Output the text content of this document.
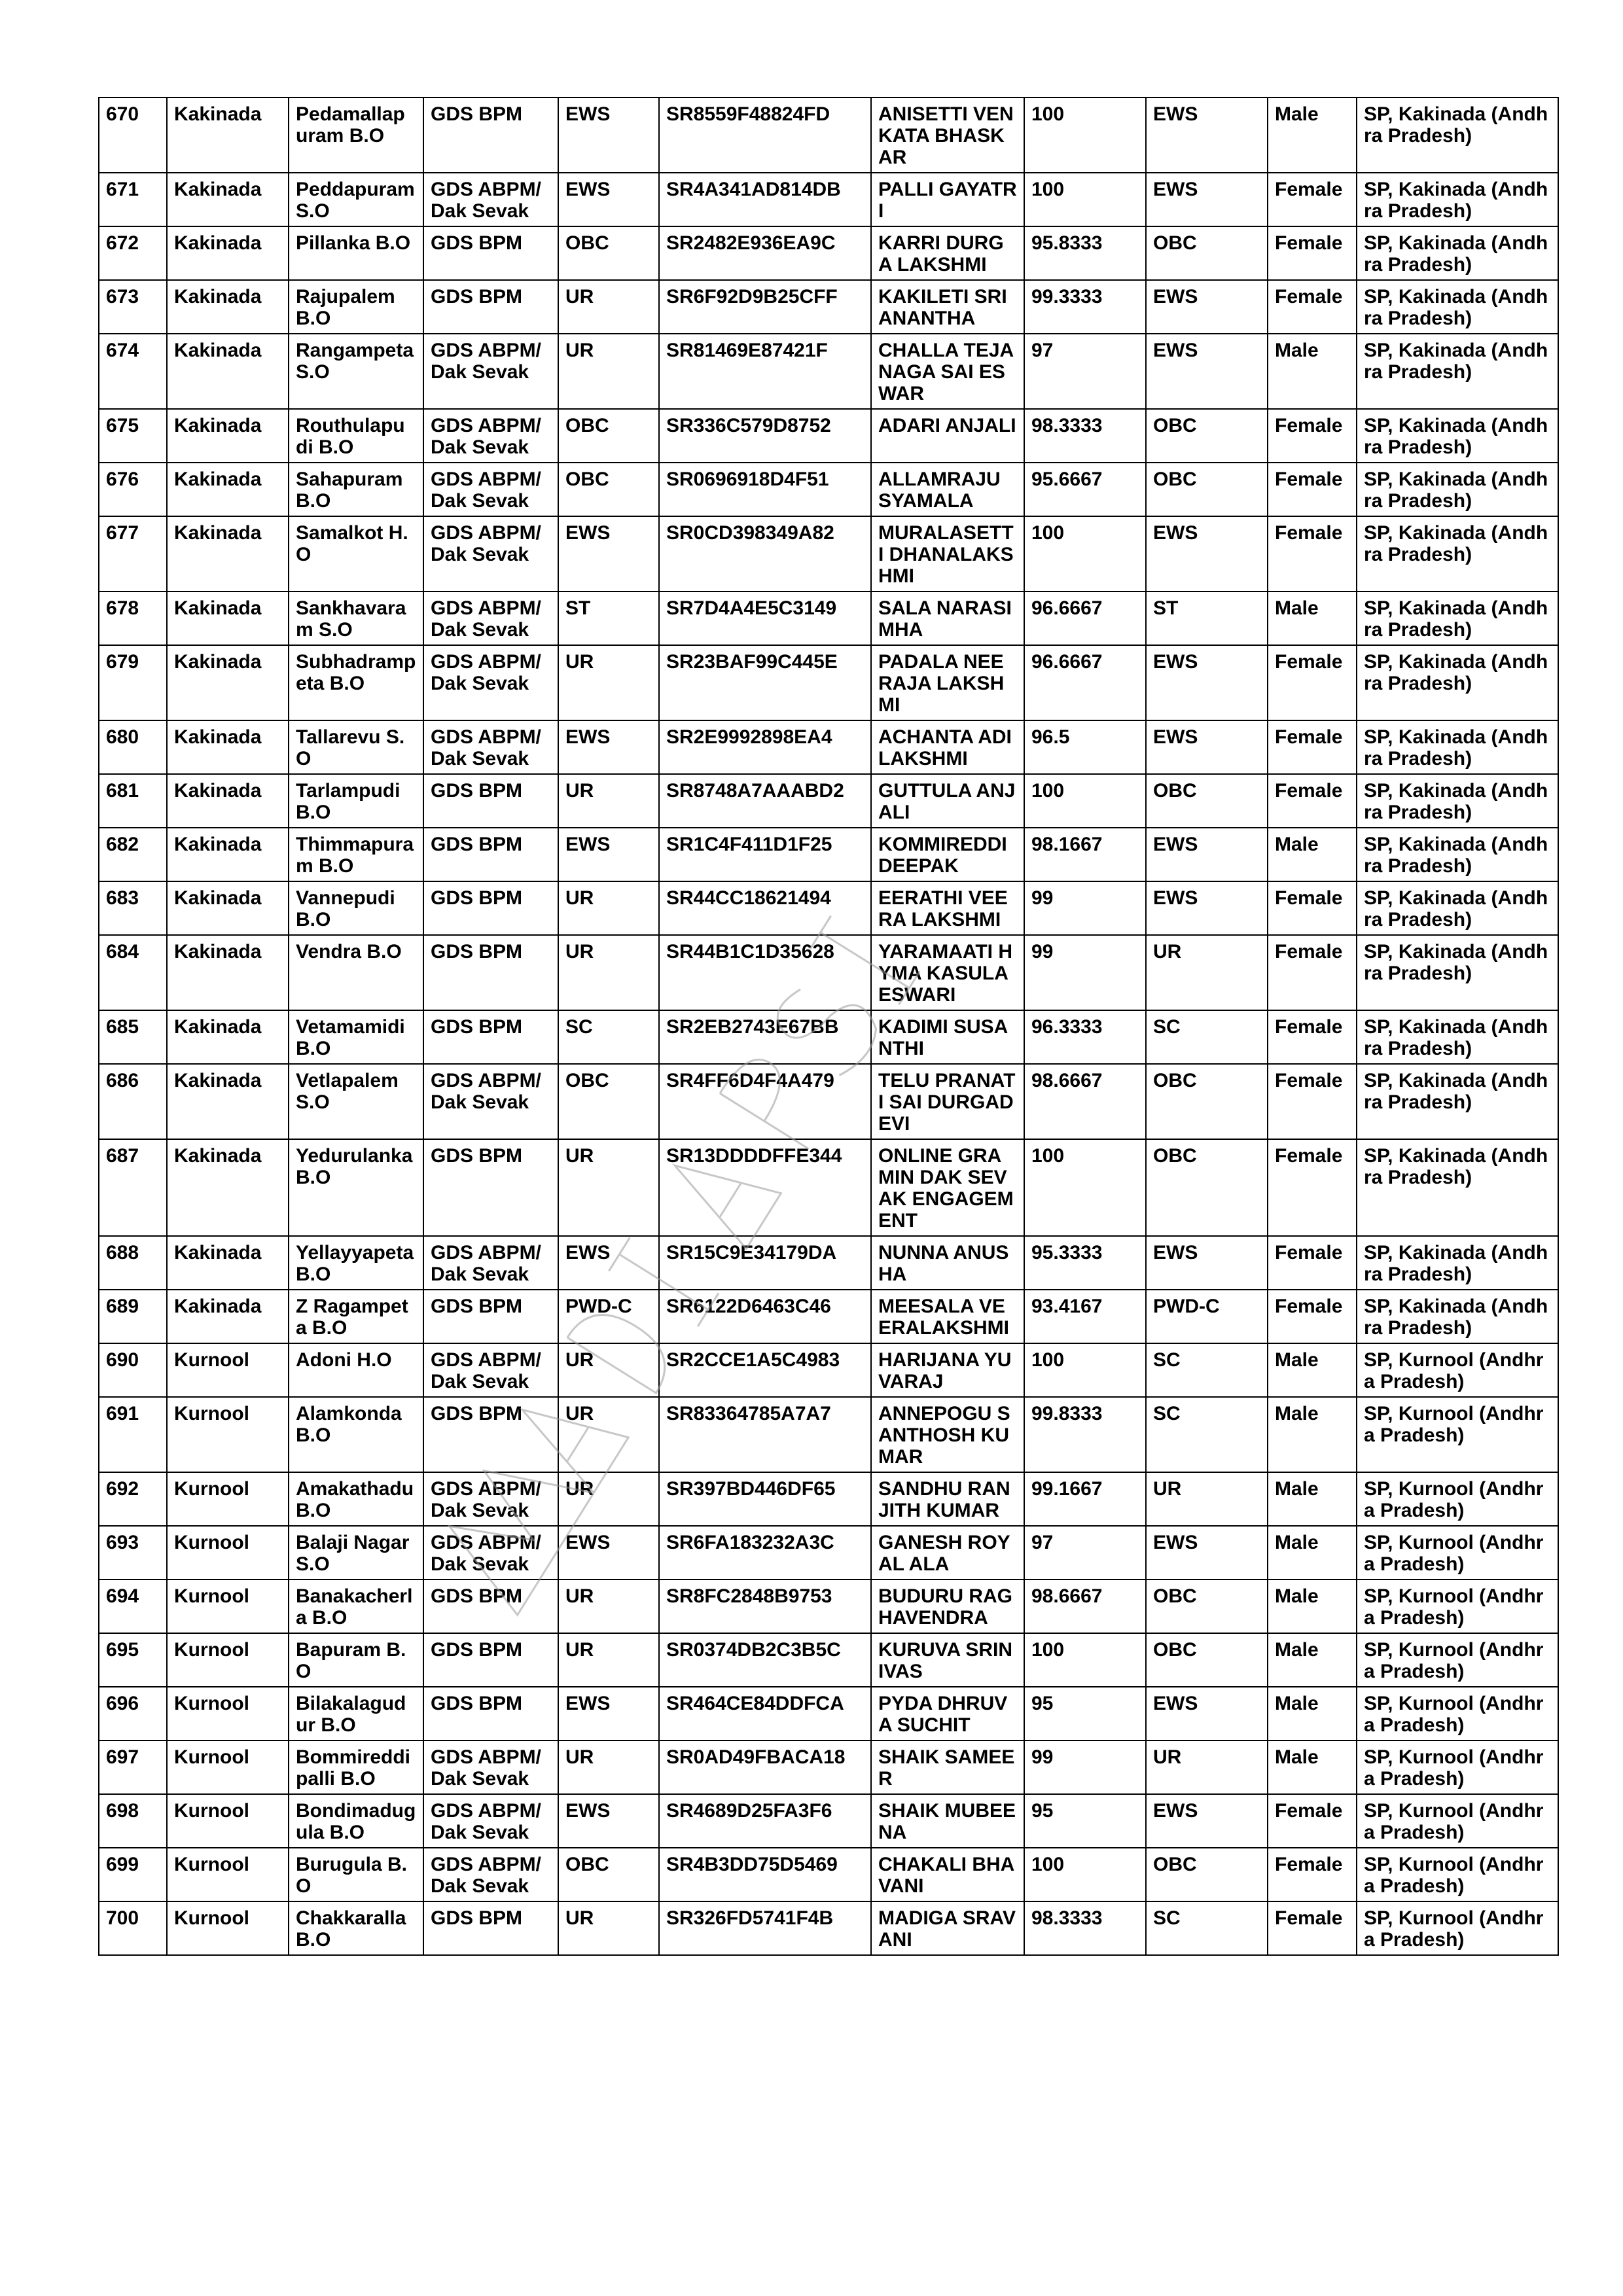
670	Kakinada	Pedamallapuram B.O	GDS BPM	EWS	SR8559F48824FD	ANISETTI VENKATA BHASKAR	100	EWS	Male	SP, Kakinada (Andhra Pradesh)
671	Kakinada	Peddapuram S.O	GDS ABPM/ Dak Sevak	EWS	SR4A341AD814DB	PALLI GAYATRI	100	EWS	Female	SP, Kakinada (Andhra Pradesh)
672	Kakinada	Pillanka B.O	GDS BPM	OBC	SR2482E936EA9C	KARRI DURGA LAKSHMI	95.8333	OBC	Female	SP, Kakinada (Andhra Pradesh)
673	Kakinada	Rajupalem B.O	GDS BPM	UR	SR6F92D9B25CFF	KAKILETI SRI ANANTHA	99.3333	EWS	Female	SP, Kakinada (Andhra Pradesh)
674	Kakinada	Rangampeta S.O	GDS ABPM/ Dak Sevak	UR	SR81469E87421F	CHALLA TEJA NAGA SAI ESWAR	97	EWS	Male	SP, Kakinada (Andhra Pradesh)
675	Kakinada	Routhulapudi B.O	GDS ABPM/ Dak Sevak	OBC	SR336C579D8752	ADARI ANJALI	98.3333	OBC	Female	SP, Kakinada (Andhra Pradesh)
676	Kakinada	Sahapuram B.O	GDS ABPM/ Dak Sevak	OBC	SR0696918D4F51	ALLAMRAJU SYAMALA	95.6667	OBC	Female	SP, Kakinada (Andhra Pradesh)
677	Kakinada	Samalkot H.O	GDS ABPM/ Dak Sevak	EWS	SR0CD398349A82	MURALASETTI DHANALAKSHMI	100	EWS	Female	SP, Kakinada (Andhra Pradesh)
678	Kakinada	Sankhavaram S.O	GDS ABPM/ Dak Sevak	ST	SR7D4A4E5C3149	SALA NARASIMHA	96.6667	ST	Male	SP, Kakinada (Andhra Pradesh)
679	Kakinada	Subhadrampeta B.O	GDS ABPM/ Dak Sevak	UR	SR23BAF99C445E	PADALA NEERAJA LAKSHMI	96.6667	EWS	Female	SP, Kakinada (Andhra Pradesh)
680	Kakinada	Tallarevu S.O	GDS ABPM/ Dak Sevak	EWS	SR2E9992898EA4	ACHANTA ADILAKSHMI	96.5	EWS	Female	SP, Kakinada (Andhra Pradesh)
681	Kakinada	Tarlampudi B.O	GDS BPM	UR	SR8748A7AAABD2	GUTTULA ANJALI	100	OBC	Female	SP, Kakinada (Andhra Pradesh)
682	Kakinada	Thimmapuram B.O	GDS BPM	EWS	SR1C4F411D1F25	KOMMIREDDI DEEPAK	98.1667	EWS	Male	SP, Kakinada (Andhra Pradesh)
683	Kakinada	Vannepudi B.O	GDS BPM	UR	SR44CC18621494	EERATHI VEERA LAKSHMI	99	EWS	Female	SP, Kakinada (Andhra Pradesh)
684	Kakinada	Vendra B.O	GDS BPM	UR	SR44B1C1D35628	YARAMAATI HYMA KASULA ESWARI	99	UR	Female	SP, Kakinada (Andhra Pradesh)
685	Kakinada	Vetamamidi B.O	GDS BPM	SC	SR2EB2743E67BB	KADIMI SUSANTHI	96.3333	SC	Female	SP, Kakinada (Andhra Pradesh)
686	Kakinada	Vetlapalem S.O	GDS ABPM/ Dak Sevak	OBC	SR4FF6D4F4A479	TELU PRANATI SAI DURGADEVI	98.6667	OBC	Female	SP, Kakinada (Andhra Pradesh)
687	Kakinada	Yedurulanka B.O	GDS BPM	UR	SR13DDDDFFE344	ONLINE GRAMIN DAK SEVAK ENGAGEMENT	100	OBC	Female	SP, Kakinada (Andhra Pradesh)
688	Kakinada	Yellayyapeta B.O	GDS ABPM/ Dak Sevak	EWS	SR15C9E34179DA	NUNNA ANUSHA	95.3333	EWS	Female	SP, Kakinada (Andhra Pradesh)
689	Kakinada	Z Ragampeta B.O	GDS BPM	PWD-C	SR6122D6463C46	MEESALA VEERALAKSHMI	93.4167	PWD-C	Female	SP, Kakinada (Andhra Pradesh)
690	Kurnool	Adoni H.O	GDS ABPM/ Dak Sevak	UR	SR2CCE1A5C4983	HARIJANA YUVARAJ	100	SC	Male	SP, Kurnool (Andhra Pradesh)
691	Kurnool	Alamkonda B.O	GDS BPM	UR	SR83364785A7A7	ANNEPOGU SANTHOSH KUMAR	99.8333	SC	Male	SP, Kurnool (Andhra Pradesh)
692	Kurnool	Amakathadu B.O	GDS ABPM/ Dak Sevak	UR	SR397BD446DF65	SANDHU RANJITH KUMAR	99.1667	UR	Male	SP, Kurnool (Andhra Pradesh)
693	Kurnool	Balaji Nagar S.O	GDS ABPM/ Dak Sevak	EWS	SR6FA183232A3C	GANESH ROYAL ALA	97	EWS	Male	SP, Kurnool (Andhra Pradesh)
694	Kurnool	Banakacherla B.O	GDS BPM	UR	SR8FC2848B9753	BUDURU RAGHAVENDRA	98.6667	OBC	Male	SP, Kurnool (Andhra Pradesh)
695	Kurnool	Bapuram B.O	GDS BPM	UR	SR0374DB2C3B5C	KURUVA SRINIVAS	100	OBC	Male	SP, Kurnool (Andhra Pradesh)
696	Kurnool	Bilakalagudur B.O	GDS BPM	EWS	SR464CE84DDFCA	PYDA DHRUVA SUCHIT	95	EWS	Male	SP, Kurnool (Andhra Pradesh)
697	Kurnool	Bommireddipalli B.O	GDS ABPM/ Dak Sevak	UR	SR0AD49FBACA18	SHAIK SAMEER	99	UR	Male	SP, Kurnool (Andhra Pradesh)
698	Kurnool	Bondimadugula B.O	GDS ABPM/ Dak Sevak	EWS	SR4689D25FA3F6	SHAIK MUBEENA	95	EWS	Female	SP, Kurnool (Andhra Pradesh)
699	Kurnool	Burugula B.O	GDS ABPM/ Dak Sevak	OBC	SR4B3DD75D5469	CHAKALI BHAVANI	100	OBC	Female	SP, Kurnool (Andhra Pradesh)
700	Kurnool	Chakkaralla B.O	GDS BPM	UR	SR326FD5741F4B	MADIGA SRAVANI	98.3333	SC	Female	SP, Kurnool (Andhra Pradesh)
